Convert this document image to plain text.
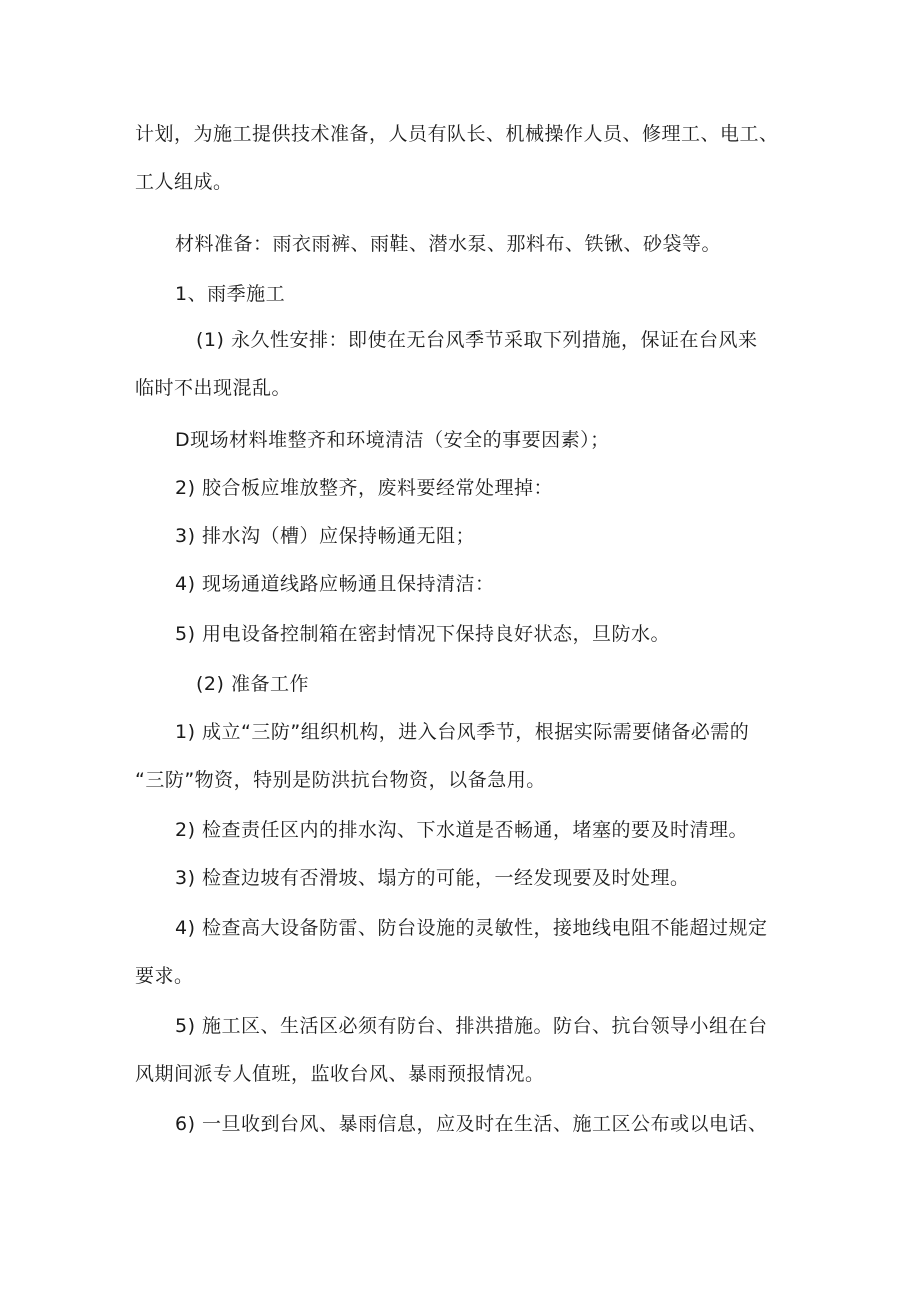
计划，为施工提供技术准备，人员有队长、机械操作人员、修理工、电工、
工人组成。
材料准备：雨衣雨裤、雨鞋、潜水泵、那料布、铁锹、砂袋等。
1、雨季施工
(1) 永久性安排：即使在无台风季节采取下列措施，保证在台风来
临时不出现混乱。
D现场材料堆整齐和环境清洁（安全的事要因素）；
2) 胶合板应堆放整齐，废料要经常处理掉：
3) 排水沟（槽）应保持畅通无阻；
4) 现场通道线路应畅通且保持清洁：
5) 用电设备控制箱在密封情况下保持良好状态，旦防水。
(2) 准备工作
1) 成立“三防”组织机构，进入台风季节，根据实际需要储备必需的
“三防”物资，特别是防洪抗台物资，以备急用。
2) 检查责任区内的排水沟、下水道是否畅通，堵塞的要及时清理。
3) 检查边坡有否滑坡、塌方的可能，一经发现要及时处理。
4) 检查高大设备防雷、防台设施的灵敏性，接地线电阻不能超过规定
要求。
5) 施工区、生活区必须有防台、排洪措施。防台、抗台领导小组在台
风期间派专人值班，监收台风、暴雨预报情况。
6) 一旦收到台风、暴雨信息，应及时在生活、施工区公布或以电话、
